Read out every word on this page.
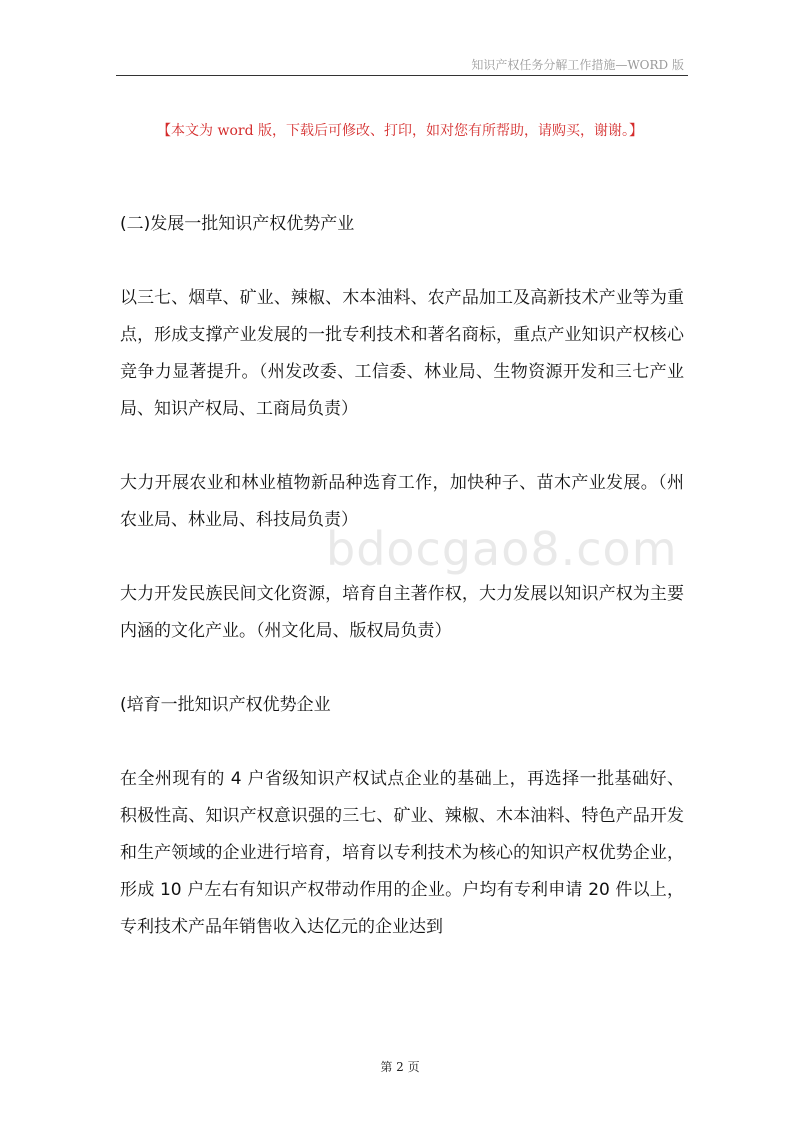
知识产权任务分解工作措施—WORD 版
【本文为 word 版，下载后可修改、打印，如对您有所帮助，请购买，谢谢。】
bdocgao8.com

(二)发展一批知识产权优势产业

以三七、烟草、矿业、辣椒、木本油料、农产品加工及高新技术产业等为重点，形成支撑产业发展的一批专利技术和著名商标，重点产业知识产权核心竞争力显著提升。（州发改委、工信委、林业局、生物资源开发和三七产业局、知识产权局、工商局负责）

大力开展农业和林业植物新品种选育工作，加快种子、苗木产业发展。（州农业局、林业局、科技局负责）

大力开发民族民间文化资源，培育自主著作权，大力发展以知识产权为主要内涵的文化产业。（州文化局、版权局负责）

(培育一批知识产权优势企业

在全州现有的 4 户省级知识产权试点企业的基础上，再选择一批基础好、积极性高、知识产权意识强的三七、矿业、辣椒、木本油料、特色产品开发和生产领域的企业进行培育，培育以专利技术为核心的知识产权优势企业，形成 10 户左右有知识产权带动作用的企业。户均有专利申请 20 件以上，专利技术产品年销售收入达亿元的企业达到

第 2 页
